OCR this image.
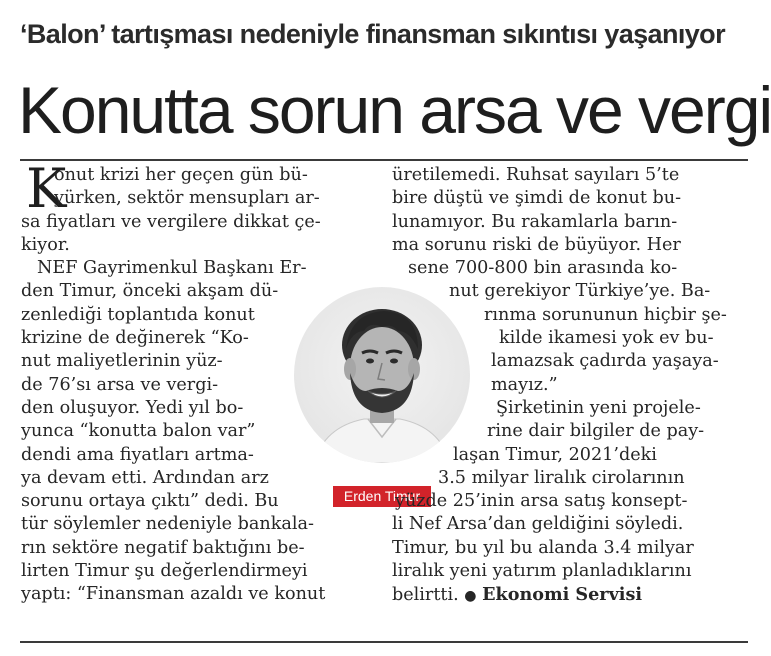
‘Balon’ tartışması nedeniyle finansman sıkıntısı yaşanıyor
Konutta sorun arsa ve vergi
K
onut krizi her geçen gün bü-
yürken, sektör mensupları ar-
sa fiyatları ve vergilere dikkat çe-
kiyor.
NEF Gayrimenkul Başkanı Er-
den Timur, önceki akşam dü-
zenlediği toplantıda konut
krizine de değinerek “Ko-
nut maliyetlerinin yüz-
de 76’sı arsa ve vergi-
den oluşuyor. Yedi yıl bo-
yunca “konutta balon var”
dendi ama fiyatları artma-
ya devam etti. Ardından arz
sorunu ortaya çıktı” dedi. Bu
tür söylemler nedeniyle bankala-
rın sektöre negatif baktığını be-
lirten Timur şu değerlendirmeyi
yaptı: “Finansman azaldı ve konut
Erden Timur
üretilemedi. Ruhsat sayıları 5’te
bire düştü ve şimdi de konut bu-
lunamıyor. Bu rakamlarla barın-
ma sorunu riski de büyüyor. Her
sene 700-800 bin arasında ko-
nut gerekiyor Türkiye’ye. Ba-
rınma sorununun hiçbir şe-
kilde ikamesi yok ev bu-
lamazsak çadırda yaşaya-
mayız.”
Şirketinin yeni projele-
rine dair bilgiler de pay-
laşan Timur, 2021’deki
3.5 milyar liralık cirolarının
yüzde 25’inin arsa satış konsept-
li Nef Arsa’dan geldiğini söyledi.
Timur, bu yıl bu alanda 3.4 milyar
liralık yeni yatırım planladıklarını
belirtti. ● Ekonomi Servisi
